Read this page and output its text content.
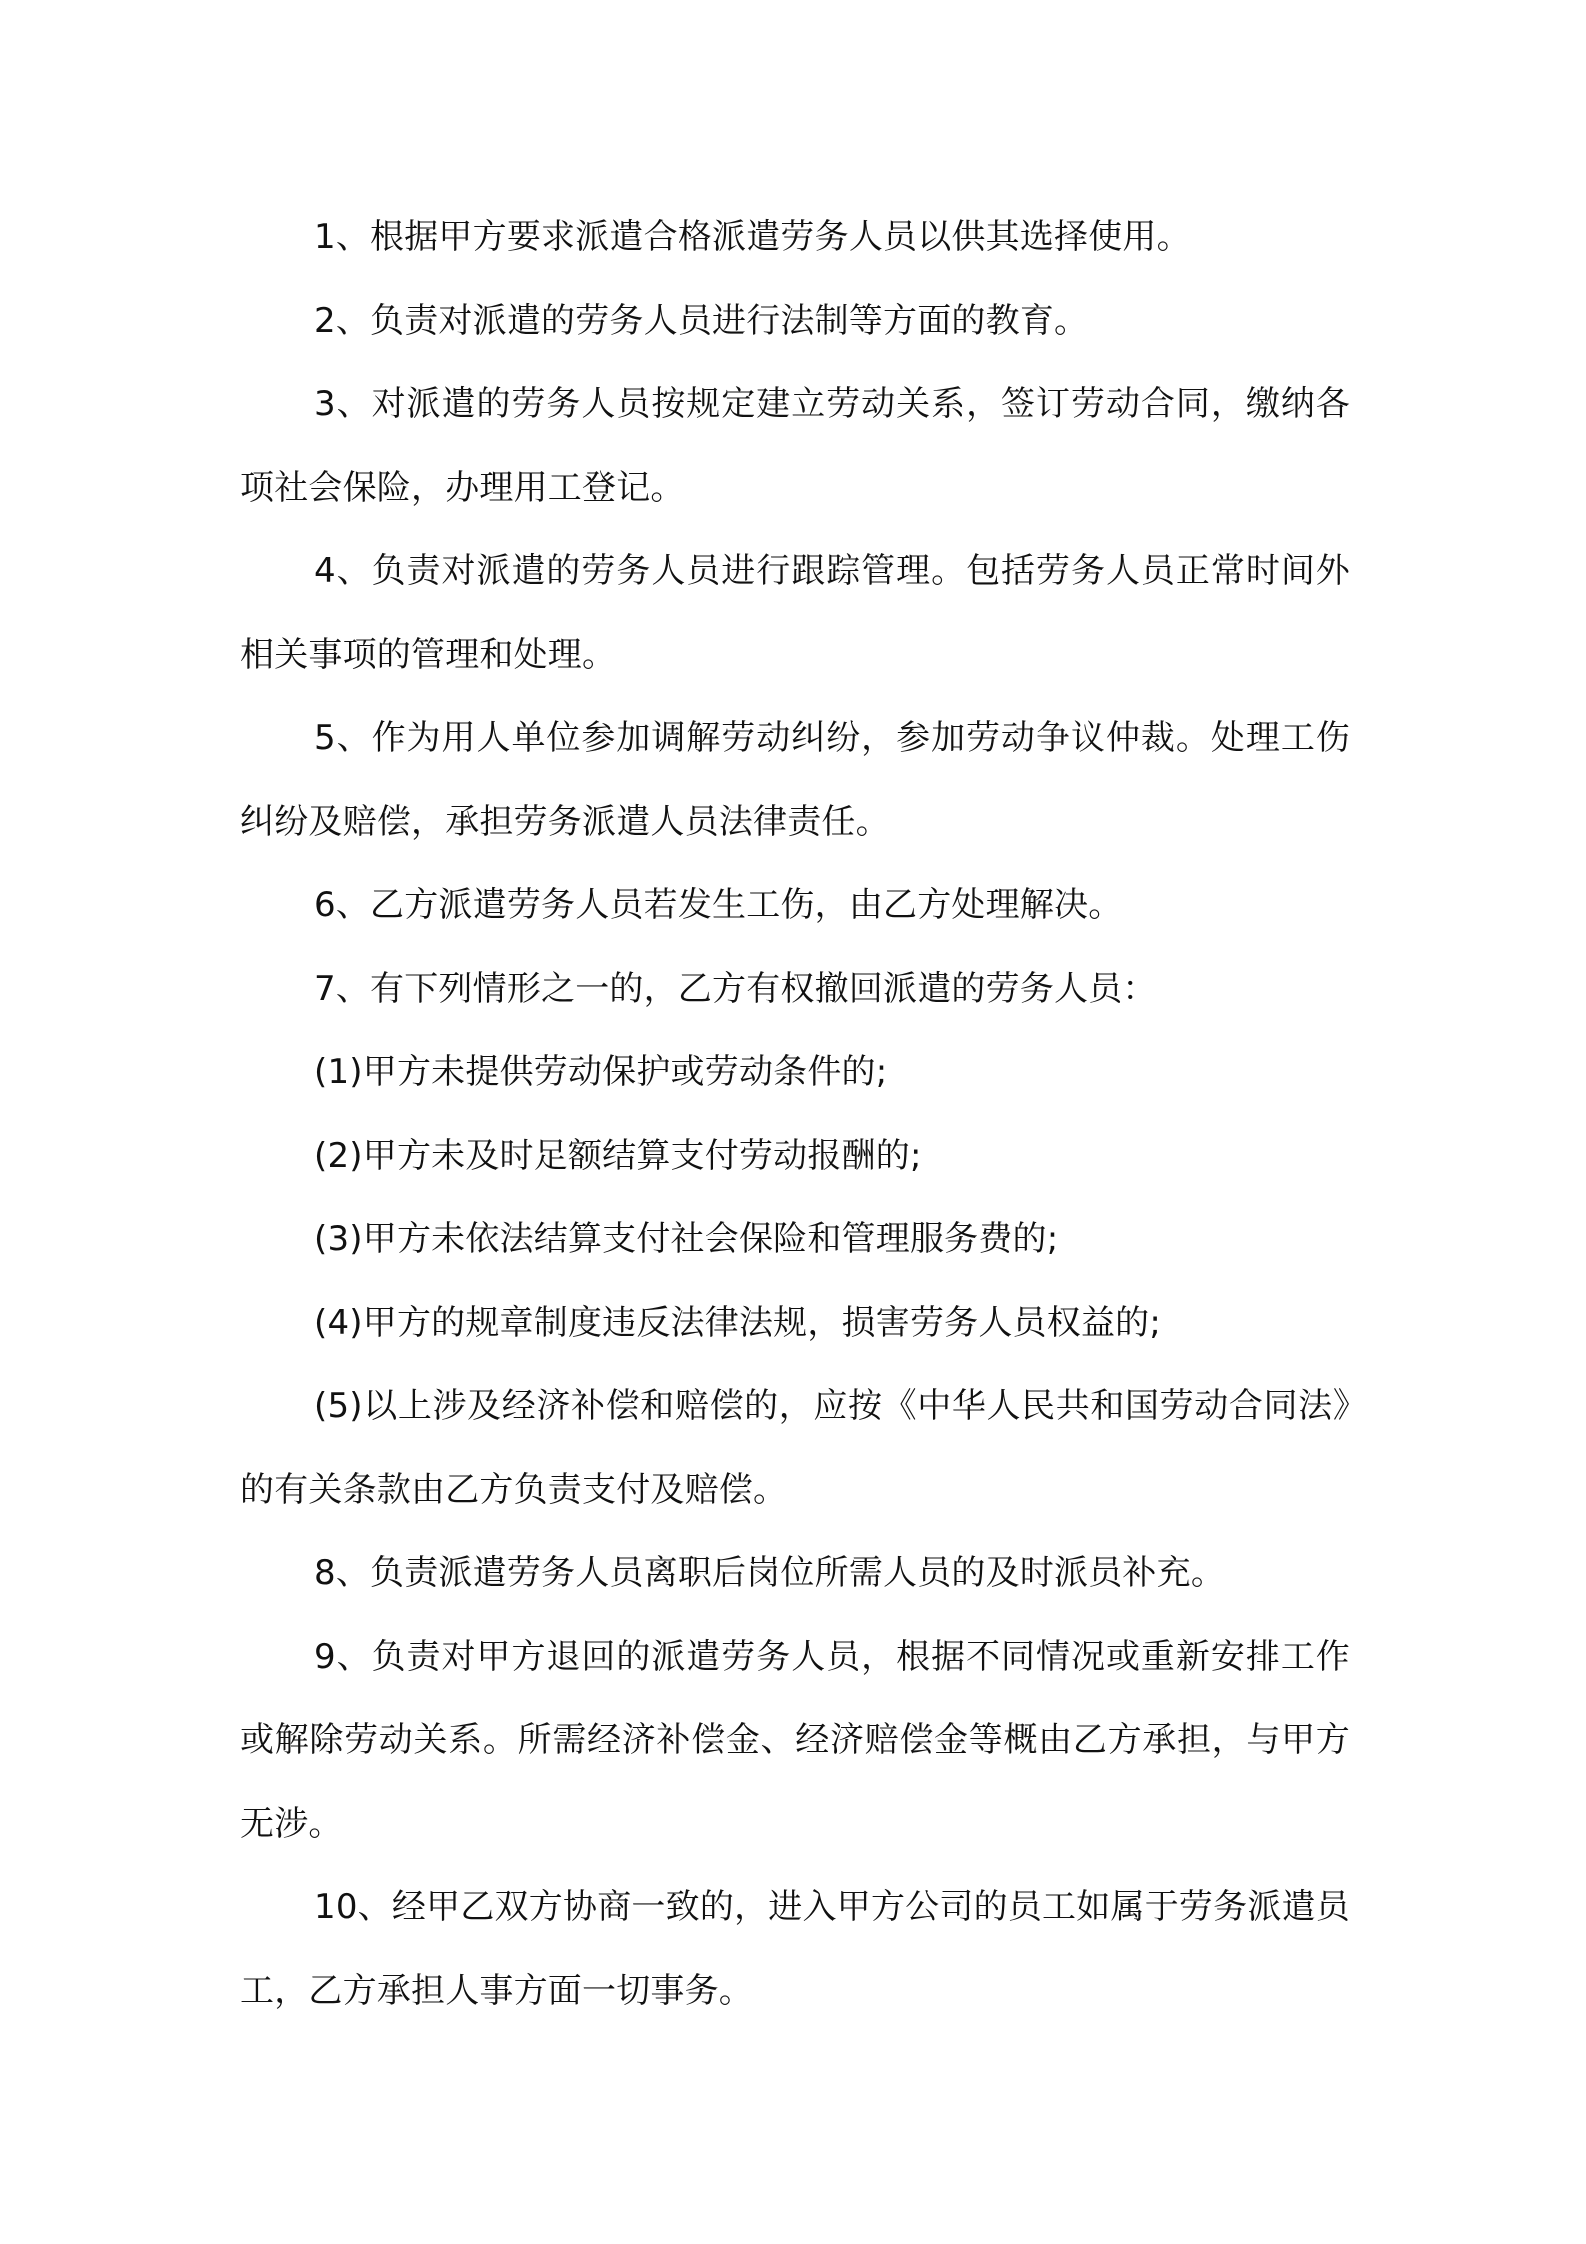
1、根据甲方要求派遣合格派遣劳务人员以供其选择使用。

2、负责对派遣的劳务人员进行法制等方面的教育。

3、对派遣的劳务人员按规定建立劳动关系，签订劳动合同，缴纳各项社会保险，办理用工登记。

4、负责对派遣的劳务人员进行跟踪管理。包括劳务人员正常时间外相关事项的管理和处理。

5、作为用人单位参加调解劳动纠纷，参加劳动争议仲裁。处理工伤纠纷及赔偿，承担劳务派遣人员法律责任。

6、乙方派遣劳务人员若发生工伤，由乙方处理解决。

7、有下列情形之一的，乙方有权撤回派遣的劳务人员：

(1)甲方未提供劳动保护或劳动条件的;

(2)甲方未及时足额结算支付劳动报酬的;

(3)甲方未依法结算支付社会保险和管理服务费的;

(4)甲方的规章制度违反法律法规，损害劳务人员权益的;

(5)以上涉及经济补偿和赔偿的，应按《中华人民共和国劳动合同法》的有关条款由乙方负责支付及赔偿。

8、负责派遣劳务人员离职后岗位所需人员的及时派员补充。

9、负责对甲方退回的派遣劳务人员，根据不同情况或重新安排工作或解除劳动关系。所需经济补偿金、经济赔偿金等概由乙方承担，与甲方无涉。

10、经甲乙双方协商一致的，进入甲方公司的员工如属于劳务派遣员工，乙方承担人事方面一切事务。
